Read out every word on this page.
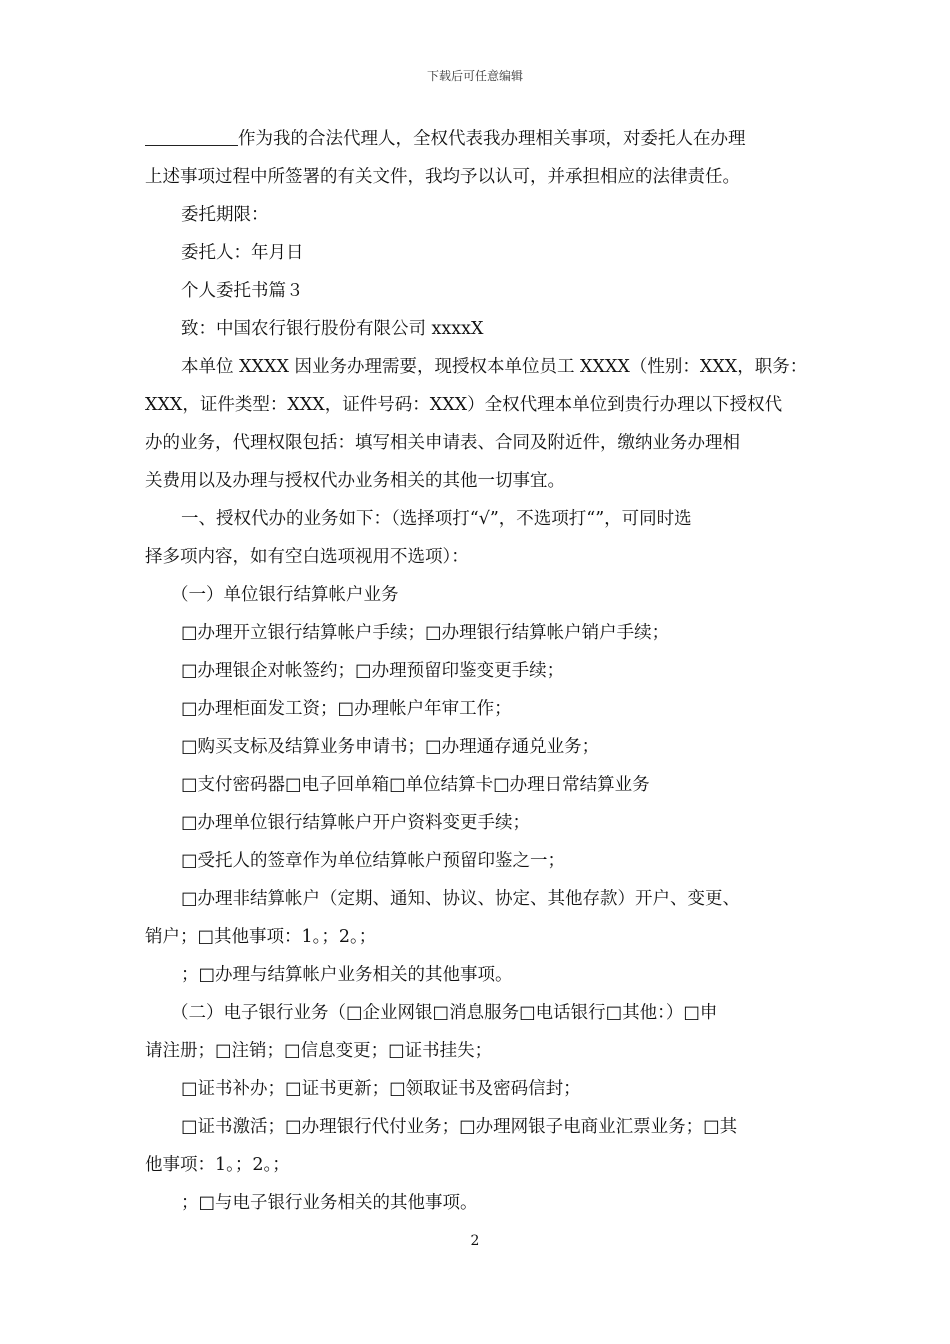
下载后可任意编辑

作为我的合法代理人，全权代表我办理相关事项，对委托人在办理

上述事项过程中所签署的有关文件，我均予以认可，并承担相应的法律责任。

委托期限：

委托人：年月日

个人委托书篇３

致：中国农行银行股份有限公司 xxxxX

本单位 XXXX 因业务办理需要，现授权本单位员工 XXXX（性别：XXX，职务：

XXX，证件类型：XXX，证件号码：XXX）全权代理本单位到贵行办理以下授权代

办的业务，代理权限包括：填写相关申请表、合同及附近件，缴纳业务办理相

关费用以及办理与授权代办业务相关的其他一切事宜。

一、授权代办的业务如下：（选择项打“√”，不选项打“”，可同时选

择多项内容，如有空白选项视用不选项）：

（一）单位银行结算帐户业务

□办理开立银行结算帐户手续；□办理银行结算帐户销户手续；

□办理银企对帐签约；□办理预留印鉴变更手续；

□办理柜面发工资；□办理帐户年审工作；

□购买支标及结算业务申请书；□办理通存通兑业务；

□支付密码器□电子回单箱□单位结算卡□办理日常结算业务

□办理单位银行结算帐户开户资料变更手续；

□受托人的签章作为单位结算帐户预留印鉴之一；

□办理非结算帐户（定期、通知、协议、协定、其他存款）开户、变更、

销户；□其他事项：1。；2。；

；□办理与结算帐户业务相关的其他事项。

（二）电子银行业务（□企业网银□消息服务□电话银行□其他：）□申

请注册；□注销；□信息变更；□证书挂失；

□证书补办；□证书更新；□领取证书及密码信封；

□证书激活；□办理银行代付业务；□办理网银子电商业汇票业务；□其

他事项：1。；2。；

；□与电子银行业务相关的其他事项。

2
